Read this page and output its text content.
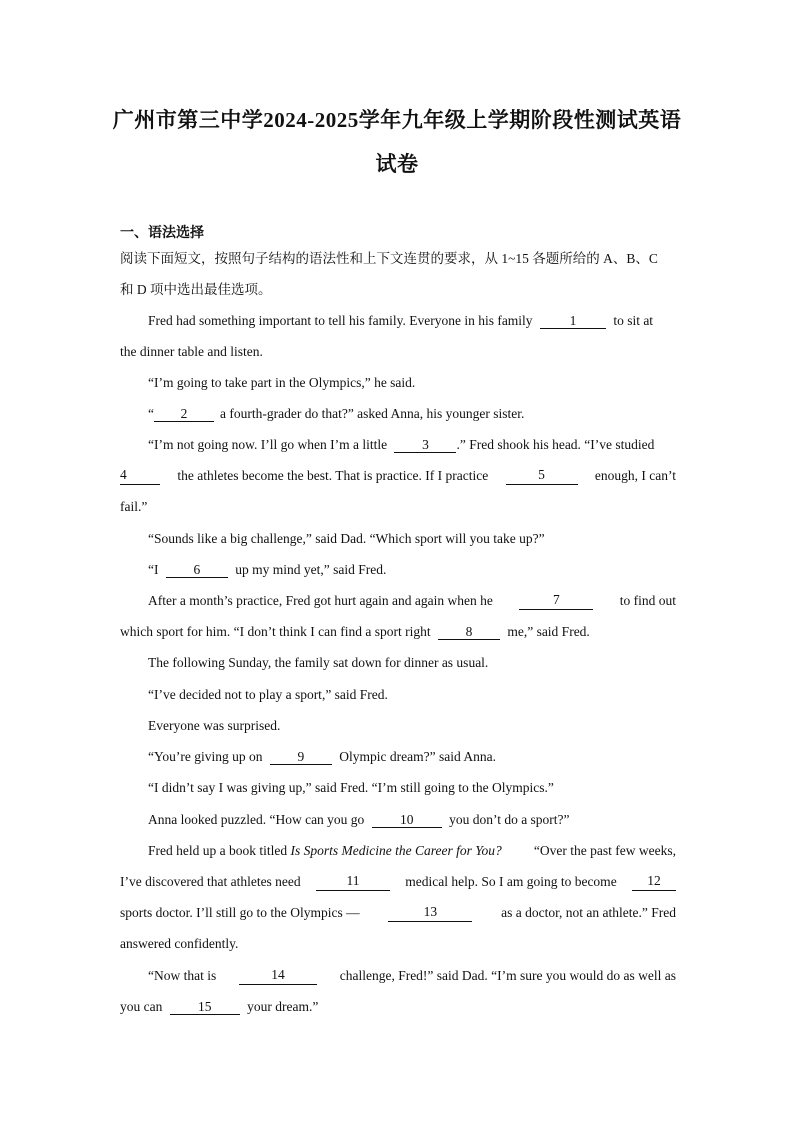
广州市第三中学2024-2025学年九年级上学期阶段性测试英语
试卷
一、语法选择
阅读下面短文，按照句子结构的语法性和上下文连贯的要求，从 1~15 各题所给的 A、B、C
和 D 项中选出最佳选项。
Fred had something important to tell his family. Everyone in his family	1	to sit at
the dinner table and listen.
“I’m going to take part in the Olympics,” he said.
“ 2 a fourth-grader do that?” asked Anna, his younger sister.
“I’m not going now. I’ll go when I’m a little	3 .” Fred shook his head. “I’ve studied
4	the athletes become the best. That is practice. If I practice	5	enough, I can’t
fail.”
“Sounds like a big challenge,” said Dad. “Which sport will you take up?”
“I	6	up my mind yet,” said Fred.
After a month’s practice, Fred got hurt again and again when he	7	to find out
which sport for him. “I don’t think I can find a sport right	8	me,” said Fred.
The following Sunday, the family sat down for dinner as usual.
“I’ve decided not to play a sport,” said Fred.
Everyone was surprised.
“You’re giving up on	9	Olympic dream?” said Anna.
“I didn’t say I was giving up,” said Fred. “I’m still going to the Olympics.”
Anna looked puzzled. “How can you go	10	you don’t do a sport?”
Fred held up a book titled Is Sports Medicine the Career for You? “Over the past few weeks,
I’ve discovered that athletes need	11	medical help. So I am going to become	12
sports doctor. I’ll still go to the Olympics —	13	as a doctor, not an athlete.” Fred
answered confidently.
“Now that is	14	challenge, Fred!” said Dad. “I’m sure you would do as well as
you can	15	your dream.”
